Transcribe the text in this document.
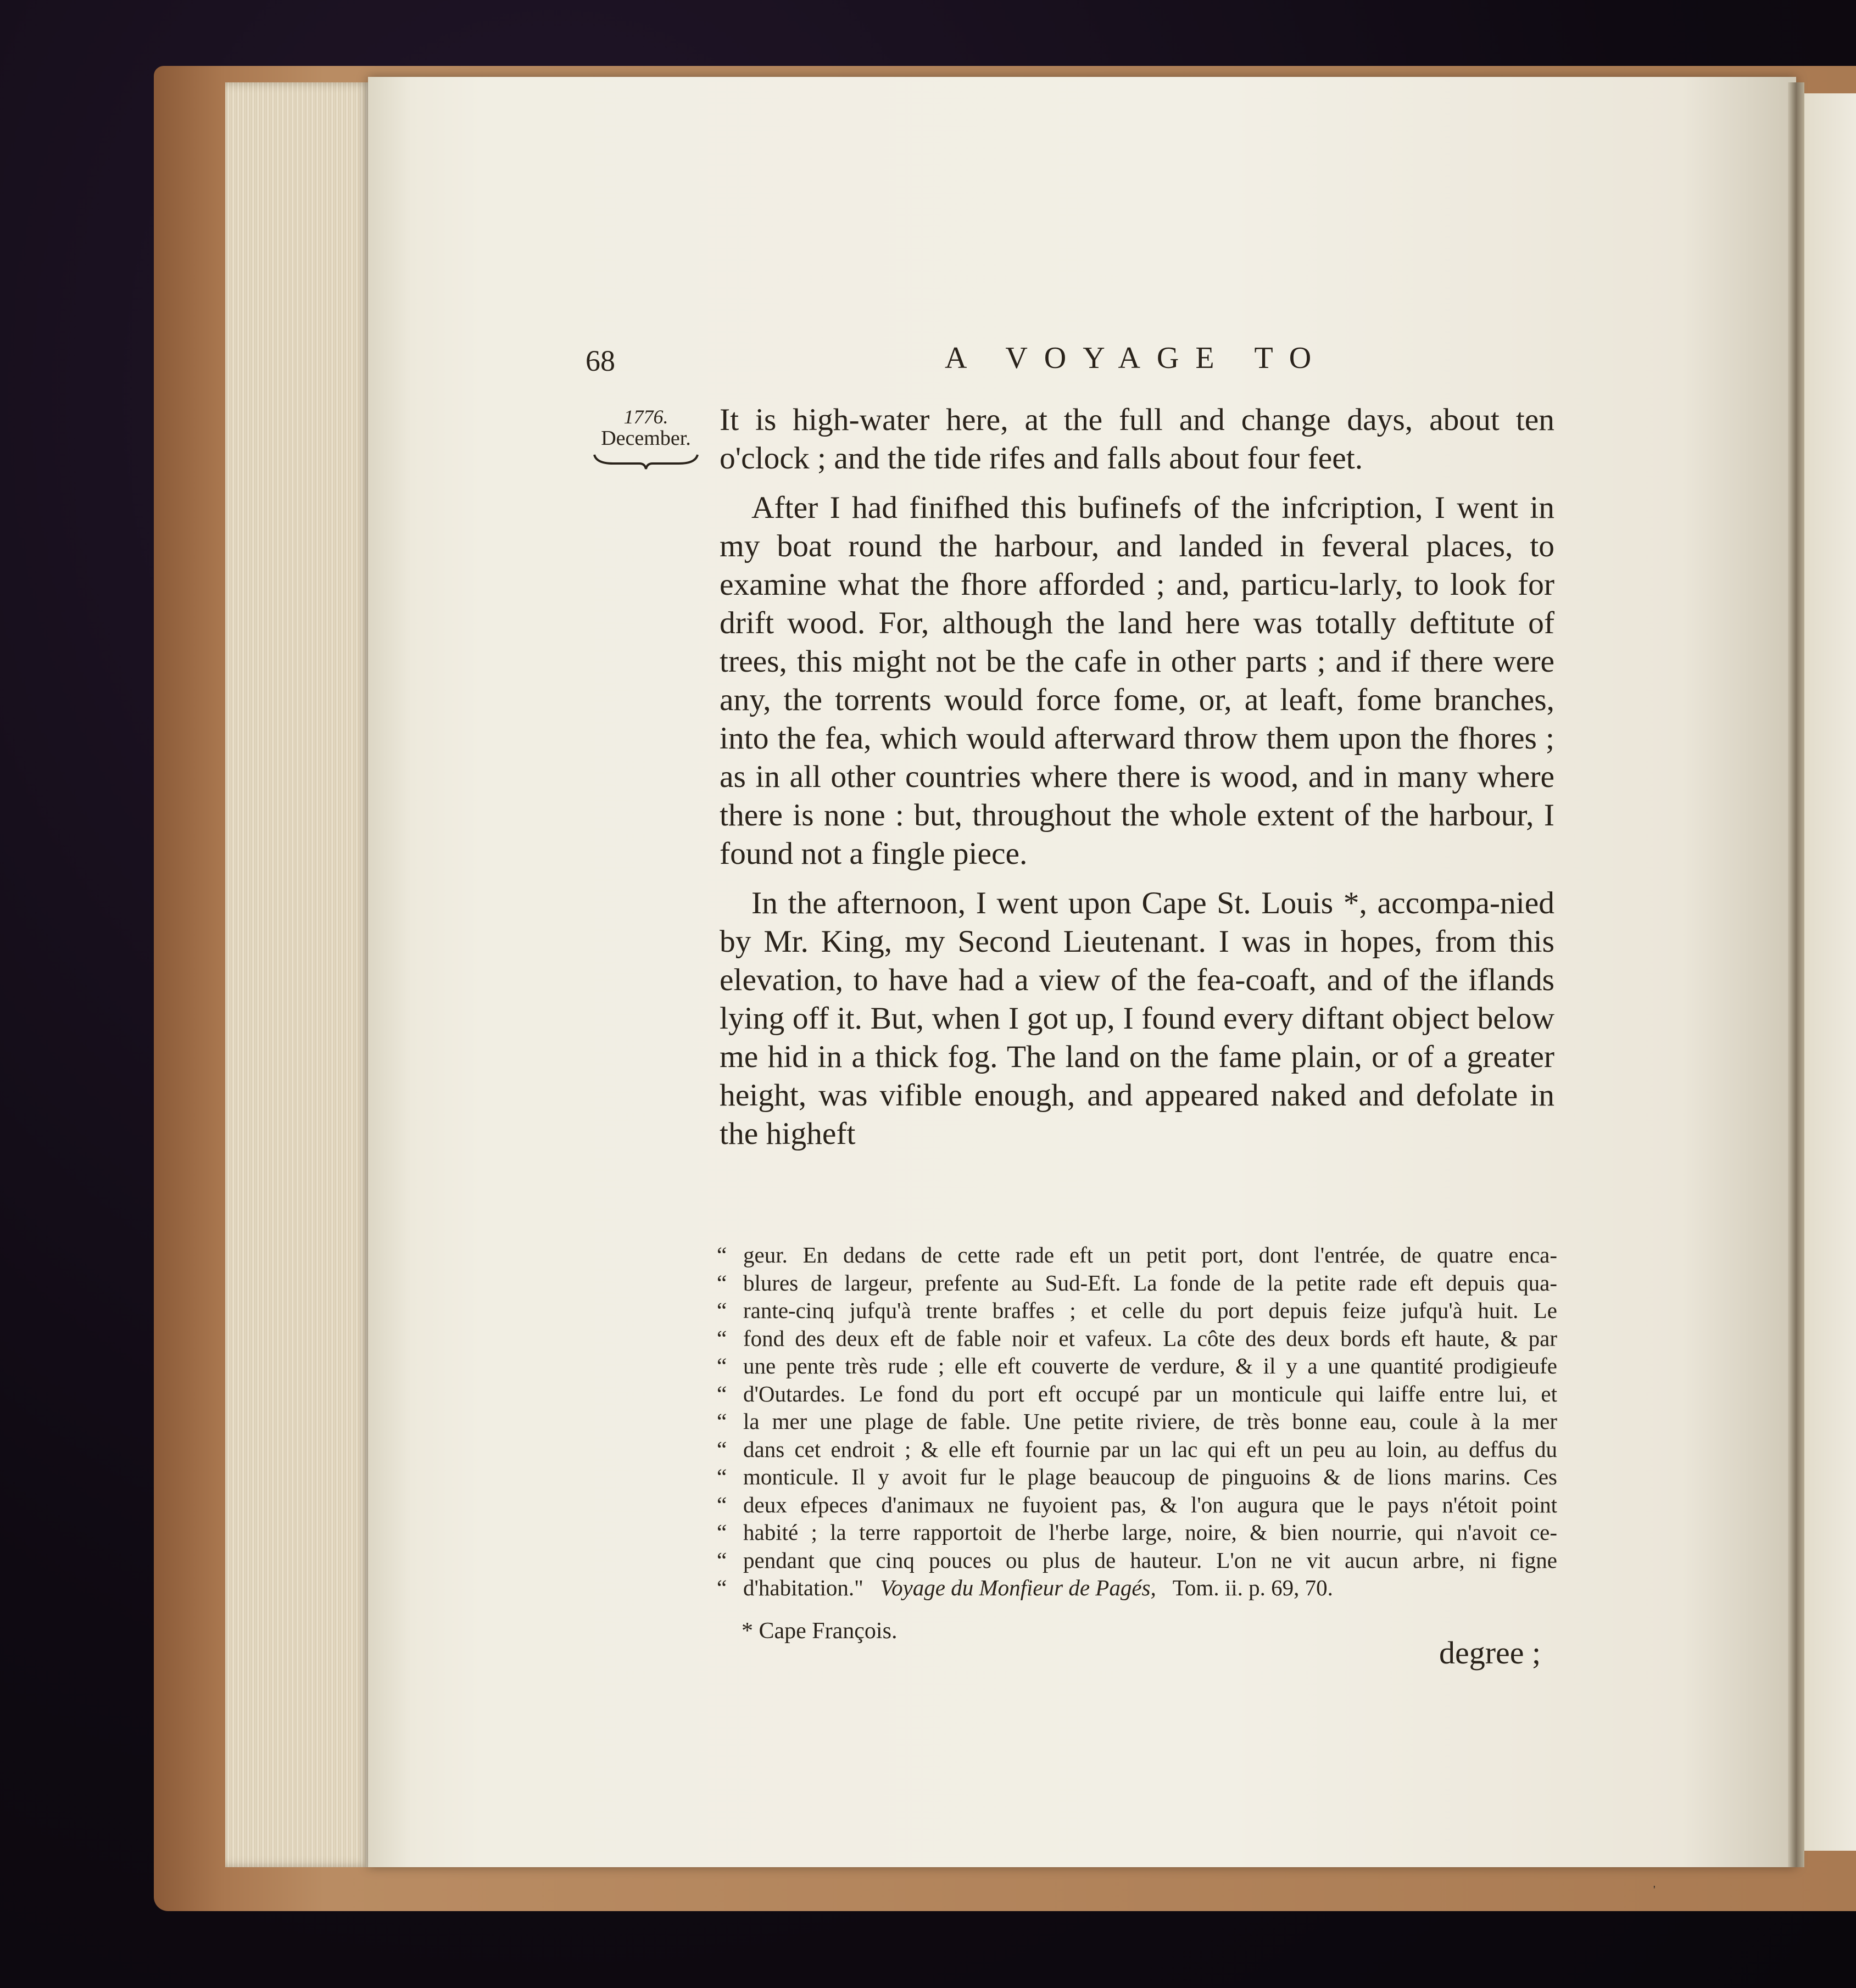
68	A VOYAGE TO

1776.
December.

It is high-water here, at the full and change days, about ten o'clock ; and the tide rifes and falls about four feet.

After I had finifhed this bufinefs of the infcription, I went in my boat round the harbour, and landed in feveral places, to examine what the fhore afforded ; and, particu-larly, to look for drift wood. For, although the land here was totally deftitute of trees, this might not be the cafe in other parts ; and if there were any, the torrents would force fome, or, at leaft, fome branches, into the fea, which would afterward throw them upon the fhores ; as in all other countries where there is wood, and in many where there is none : but, throughout the whole extent of the harbour, I found not a fingle piece.

In the afternoon, I went upon Cape St. Louis *, accompa-nied by Mr. King, my Second Lieutenant. I was in hopes, from this elevation, to have had a view of the fea-coaft, and of the iflands lying off it. But, when I got up, I found every diftant object below me hid in a thick fog. The land on the fame plain, or of a greater height, was vifible enough, and appeared naked and defolate in the higheft

“ geur. En dedans de cette rade eft un petit port, dont l'entrée, de quatre enca-
“ blures de largeur, prefente au Sud-Eft. La fonde de la petite rade eft depuis qua-
“ rante-cinq jufqu'à trente braffes ; et celle du port depuis feize jufqu'à huit. Le
“ fond des deux eft de fable noir et vafeux. La côte des deux bords eft haute, & par
“ une pente très rude ; elle eft couverte de verdure, & il y a une quantité prodigieufe
“ d'Outardes. Le fond du port eft occupé par un monticule qui laiffe entre lui, et
“ la mer une plage de fable. Une petite riviere, de très bonne eau, coule à la mer
“ dans cet endroit ; & elle eft fournie par un lac qui eft un peu au loin, au deffus du
“ monticule. Il y avoit fur le plage beaucoup de pinguoins & de lions marins. Ces
“ deux efpeces d'animaux ne fuyoient pas, & l'on augura que le pays n'étoit point
“ habité ; la terre rapportoit de l'herbe large, noire, & bien nourrie, qui n'avoit ce-
“ pendant que cinq pouces ou plus de hauteur. L'on ne vit aucun arbre, ni figne
“ d'habitation." Voyage du Monfieur de Pagés, Tom. ii. p. 69, 70.

* Cape François.

degree ;

'
